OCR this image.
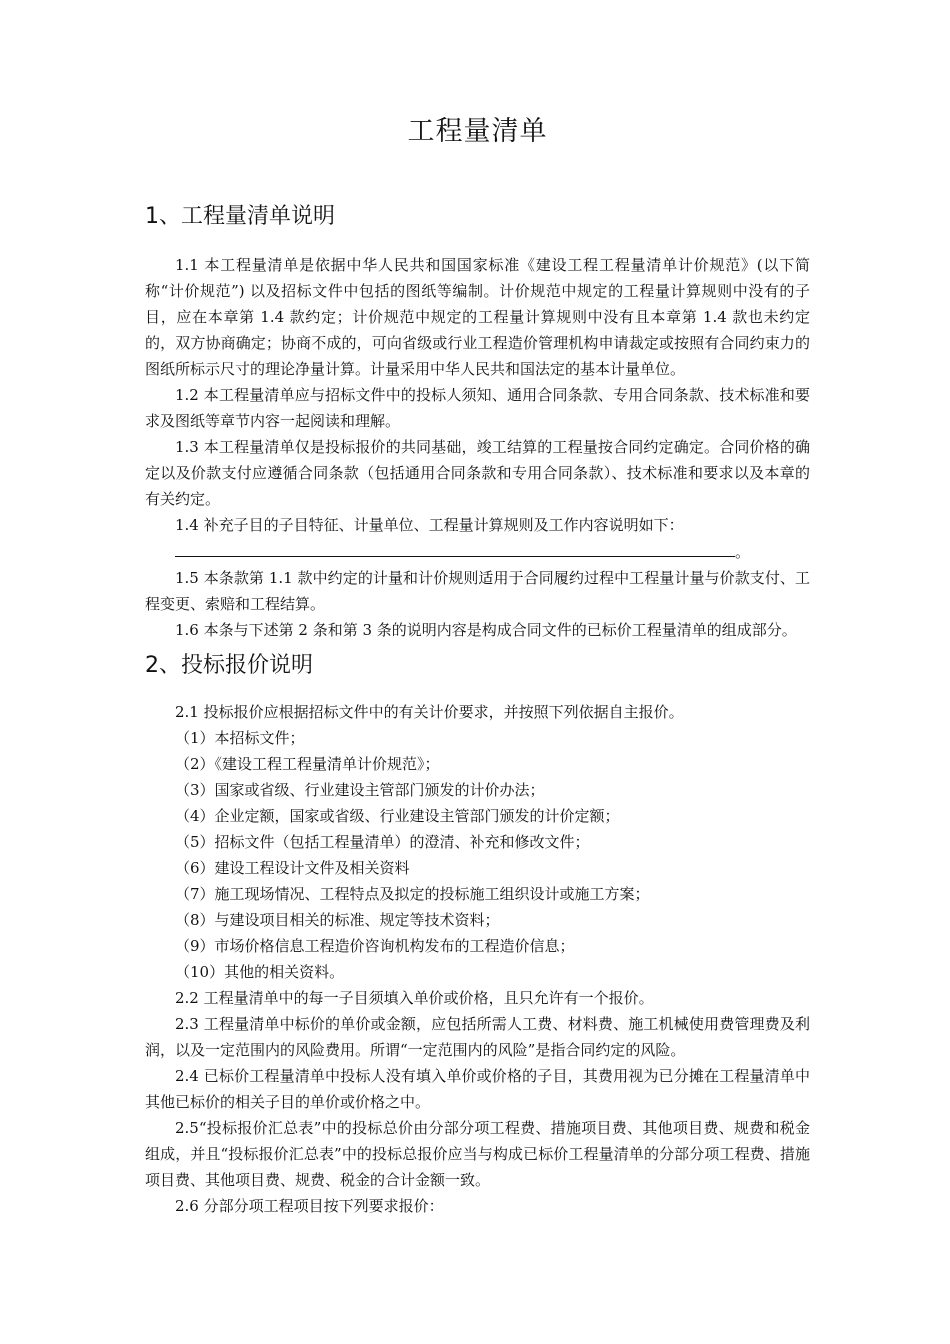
工程量清单
1、工程量清单说明

1.1 本工程量清单是依据中华人民共和国国家标准《建设工程工程量清单计价规范》(以下简称“计价规范”) 以及招标文件中包括的图纸等编制。计价规范中规定的工程量计算规则中没有的子目，应在本章第 1.4 款约定；计价规范中规定的工程量计算规则中没有且本章第 1.4 款也未约定的，双方协商确定；协商不成的，可向省级或行业工程造价管理机构申请裁定或按照有合同约束力的图纸所标示尺寸的理论净量计算。计量采用中华人民共和国法定的基本计量单位。

1.2 本工程量清单应与招标文件中的投标人须知、通用合同条款、专用合同条款、技术标准和要求及图纸等章节内容一起阅读和理解。

1.3 本工程量清单仅是投标报价的共同基础，竣工结算的工程量按合同约定确定。合同价格的确定以及价款支付应遵循合同条款（包括通用合同条款和专用合同条款）、技术标准和要求以及本章的有关约定。

1.4 补充子目的子目特征、计量单位、工程量计算规则及工作内容说明如下：

。

1.5 本条款第 1.1 款中约定的计量和计价规则适用于合同履约过程中工程量计量与价款支付、工程变更、索赔和工程结算。

1.6 本条与下述第 2 条和第 3 条的说明内容是构成合同文件的已标价工程量清单的组成部分。

2、投标报价说明

2.1 投标报价应根据招标文件中的有关计价要求，并按照下列依据自主报价。

（1）本招标文件；

（2）《建设工程工程量清单计价规范》；

（3）国家或省级、行业建设主管部门颁发的计价办法；

（4）企业定额，国家或省级、行业建设主管部门颁发的计价定额；

（5）招标文件（包括工程量清单）的澄清、补充和修改文件；

（6）建设工程设计文件及相关资料

（7）施工现场情况、工程特点及拟定的投标施工组织设计或施工方案；

（8）与建设项目相关的标准、规定等技术资料；

（9）市场价格信息工程造价咨询机构发布的工程造价信息；

（10）其他的相关资料。

2.2 工程量清单中的每一子目须填入单价或价格，且只允许有一个报价。

2.3 工程量清单中标价的单价或金额，应包括所需人工费、材料费、施工机械使用费管理费及利润，以及一定范围内的风险费用。所谓“一定范围内的风险”是指合同约定的风险。

2.4 已标价工程量清单中投标人没有填入单价或价格的子目，其费用视为已分摊在工程量清单中其他已标价的相关子目的单价或价格之中。

2.5“投标报价汇总表”中的投标总价由分部分项工程费、措施项目费、其他项目费、规费和税金组成，并且“投标报价汇总表”中的投标总报价应当与构成已标价工程量清单的分部分项工程费、措施项目费、其他项目费、规费、税金的合计金额一致。

2.6 分部分项工程项目按下列要求报价：
